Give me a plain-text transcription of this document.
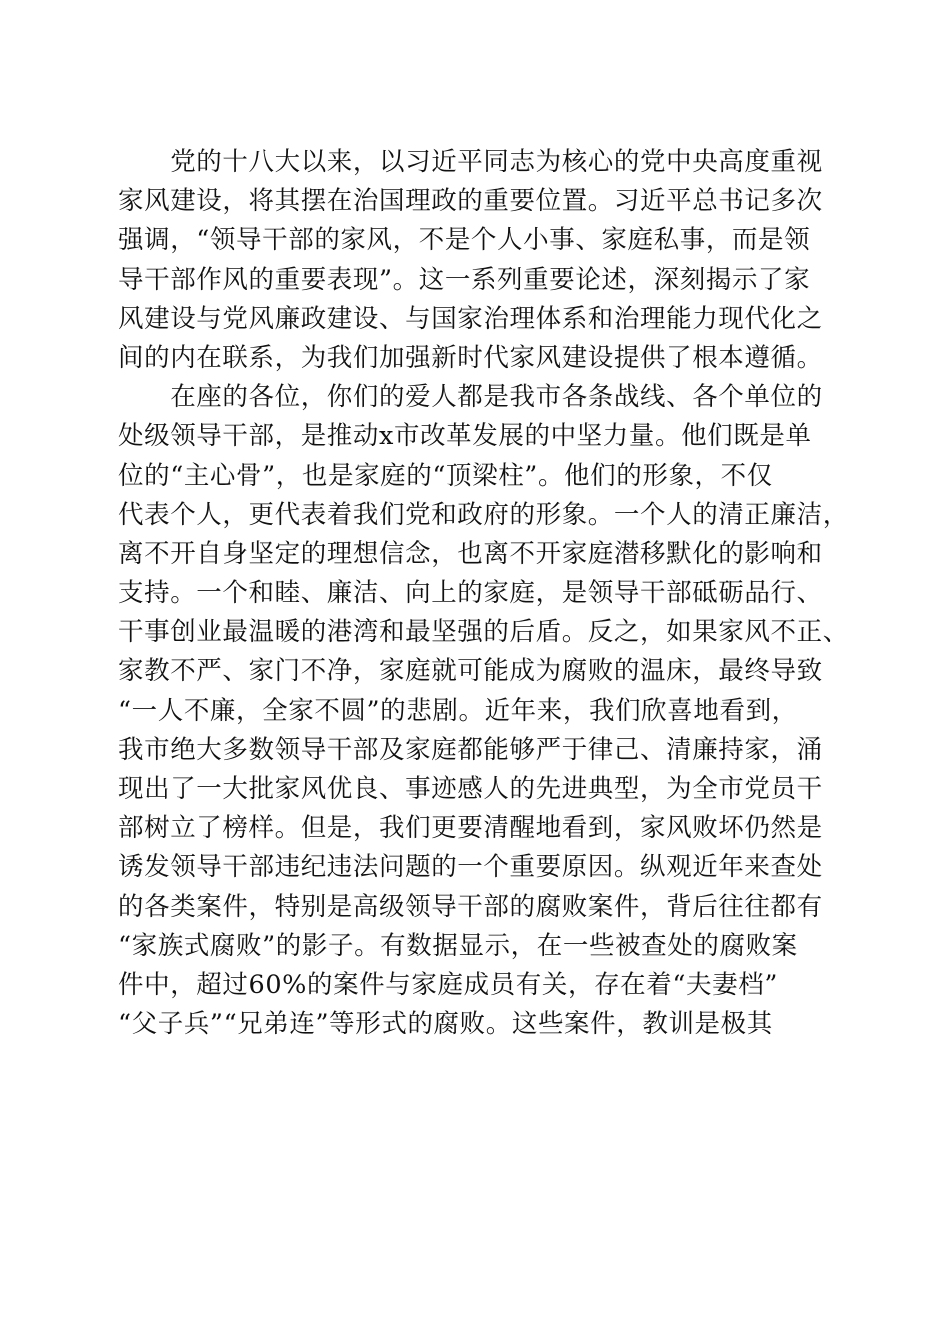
　　党的十八大以来，以习近平同志为核心的党中央高度重视
家风建设，将其摆在治国理政的重要位置。习近平总书记多次
强调，“领导干部的家风，不是个人小事、家庭私事，而是领
导干部作风的重要表现”。这一系列重要论述，深刻揭示了家
风建设与党风廉政建设、与国家治理体系和治理能力现代化之
间的内在联系，为我们加强新时代家风建设提供了根本遵循。
　　在座的各位，你们的爱人都是我市各条战线、各个单位的
处级领导干部，是推动x市改革发展的中坚力量。他们既是单
位的“主心骨”，也是家庭的“顶梁柱”。他们的形象，不仅
代表个人，更代表着我们党和政府的形象。一个人的清正廉洁，
离不开自身坚定的理想信念，也离不开家庭潜移默化的影响和
支持。一个和睦、廉洁、向上的家庭，是领导干部砥砺品行、
干事创业最温暖的港湾和最坚强的后盾。反之，如果家风不正、
家教不严、家门不净，家庭就可能成为腐败的温床，最终导致
“一人不廉，全家不圆”的悲剧。近年来，我们欣喜地看到，
我市绝大多数领导干部及家庭都能够严于律己、清廉持家，涌
现出了一大批家风优良、事迹感人的先进典型，为全市党员干
部树立了榜样。但是，我们更要清醒地看到，家风败坏仍然是
诱发领导干部违纪违法问题的一个重要原因。纵观近年来查处
的各类案件，特别是高级领导干部的腐败案件，背后往往都有
“家族式腐败”的影子。有数据显示，在一些被查处的腐败案
件中，超过60%的案件与家庭成员有关，存在着“夫妻档”
“父子兵”“兄弟连”等形式的腐败。这些案件，教训是极其
